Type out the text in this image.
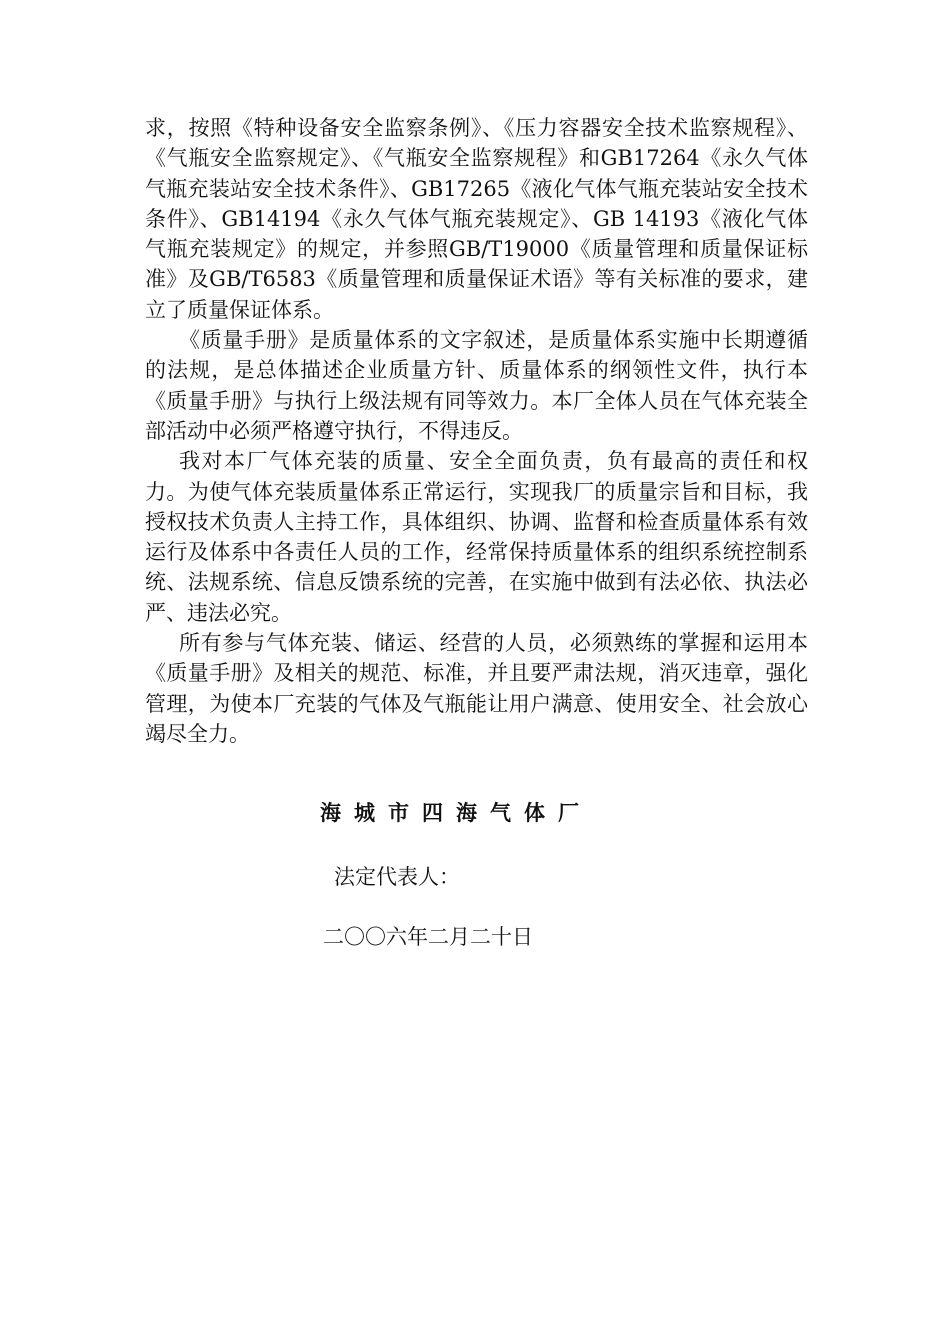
求，按照《特种设备安全监察条例》、《压力容器安全技术监察规程》、《气瓶安全监察规定》、《气瓶安全监察规程》和GB17264《永久气体气瓶充装站安全技术条件》、GB17265《液化气体气瓶充装站安全技术条件》、GB14194《永久气体气瓶充装规定》、GB 14193《液化气体气瓶充装规定》的规定，并参照GB/T19000《质量管理和质量保证标准》及GB/T6583《质量管理和质量保证术语》等有关标准的要求，建立了质量保证体系。

《质量手册》是质量体系的文字叙述，是质量体系实施中长期遵循的法规，是总体描述企业质量方针、质量体系的纲领性文件，执行本《质量手册》与执行上级法规有同等效力。本厂全体人员在气体充装全部活动中必须严格遵守执行，不得违反。

我对本厂气体充装的质量、安全全面负责，负有最高的责任和权力。为使气体充装质量体系正常运行，实现我厂的质量宗旨和目标，我授权技术负责人主持工作，具体组织、协调、监督和检查质量体系有效运行及体系中各责任人员的工作，经常保持质量体系的组织系统控制系统、法规系统、信息反馈系统的完善，在实施中做到有法必依、执法必严、违法必究。

所有参与气体充装、储运、经营的人员，必须熟练的掌握和运用本《质量手册》及相关的规范、标准，并且要严肃法规，消灭违章，强化管理，为使本厂充装的气体及气瓶能让用户满意、使用安全、社会放心竭尽全力。

海城市四海气体厂
法定代表人：
二〇〇六年二月二十日
